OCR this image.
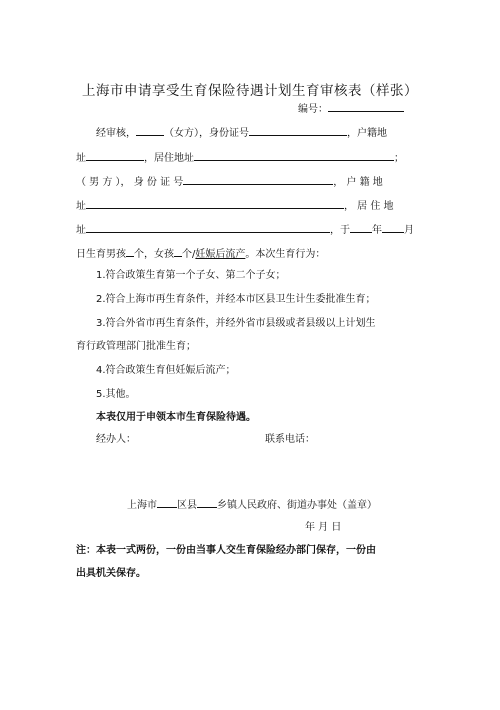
上海市申请享受生育保险待遇计划生育审核表（样张）
编号：
经审核，	（女方），身份证号	，户籍地
址	，居住地址	；
（ 男 方 ）， 身 份 证 号	， 户 籍 地
址	， 居 住 地
址	，于 年 月
日生育男孩 个，女孩 个/妊娠后流产。本次生育行为：
1.符合政策生育第一个子女、第二个子女；
2.符合上海市再生育条件，并经本市区县卫生计生委批准生育；
3.符合外省市再生育条件，并经外省市县级或者县级以上计划生
育行政管理部门批准生育；
4.符合政策生育但妊娠后流产；
5.其他。
本表仅用于申领本市生育保险待遇。
经办人：	联系电话：
上海市 区县 乡镇人民政府、街道办事处（盖章）
年 月 日
注：本表一式两份，一份由当事人交生育保险经办部门保存，一份由
出具机关保存。
